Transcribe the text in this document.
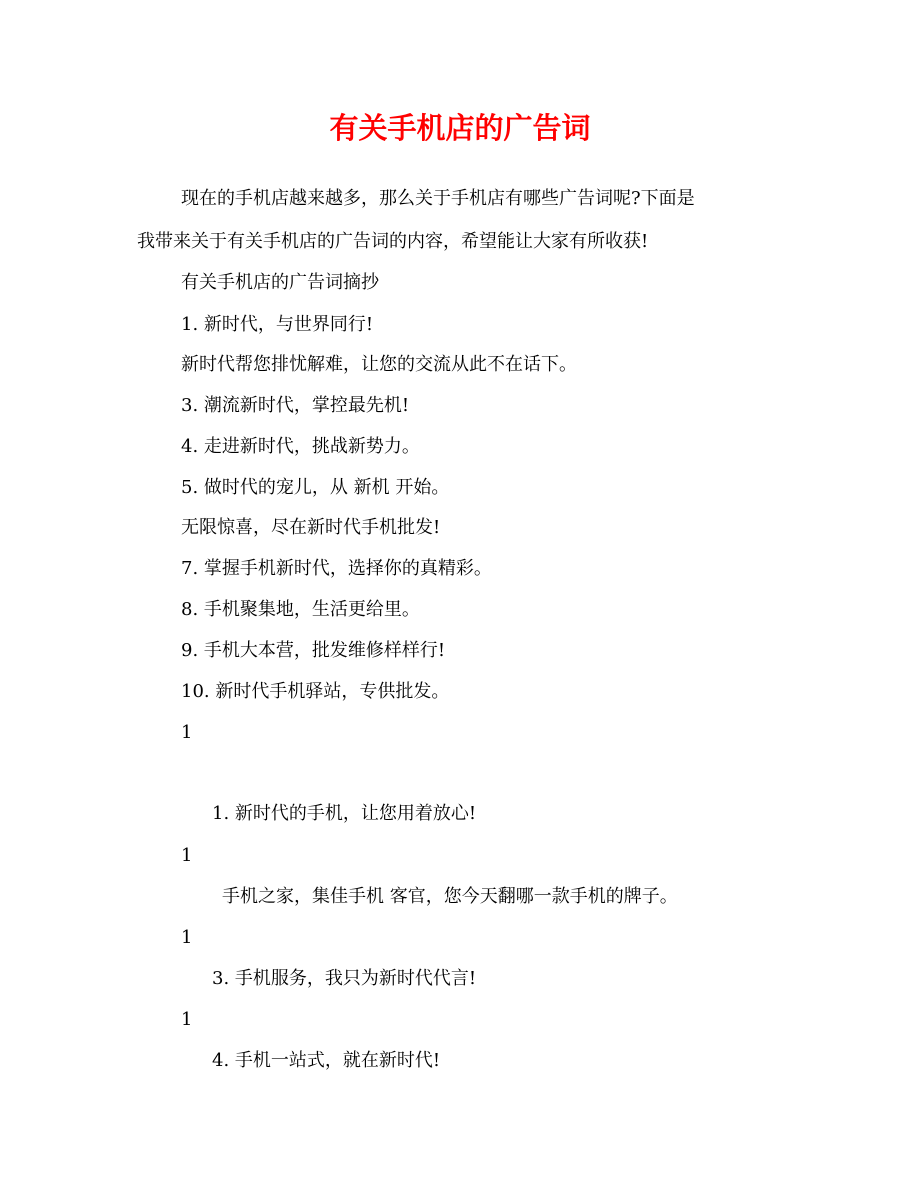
有关手机店的广告词

现在的手机店越来越多，那么关于手机店有哪些广告词呢?下面是

我带来关于有关手机店的广告词的内容，希望能让大家有所收获!

有关手机店的广告词摘抄

1. 新时代，与世界同行!

新时代帮您排忧解难，让您的交流从此不在话下。

3. 潮流新时代，掌控最先机!

4. 走进新时代，挑战新势力。

5. 做时代的宠儿，从 新机 开始。

无限惊喜，尽在新时代手机批发!

7. 掌握手机新时代，选择你的真精彩。

8. 手机聚集地，生活更给里。

9. 手机大本营，批发维修样样行!

10. 新时代手机驿站，专供批发。

1

1. 新时代的手机，让您用着放心!

1

手机之家，集佳手机 客官，您今天翻哪一款手机的牌子。

1

3. 手机服务，我只为新时代代言!

1

4. 手机一站式，就在新时代!
